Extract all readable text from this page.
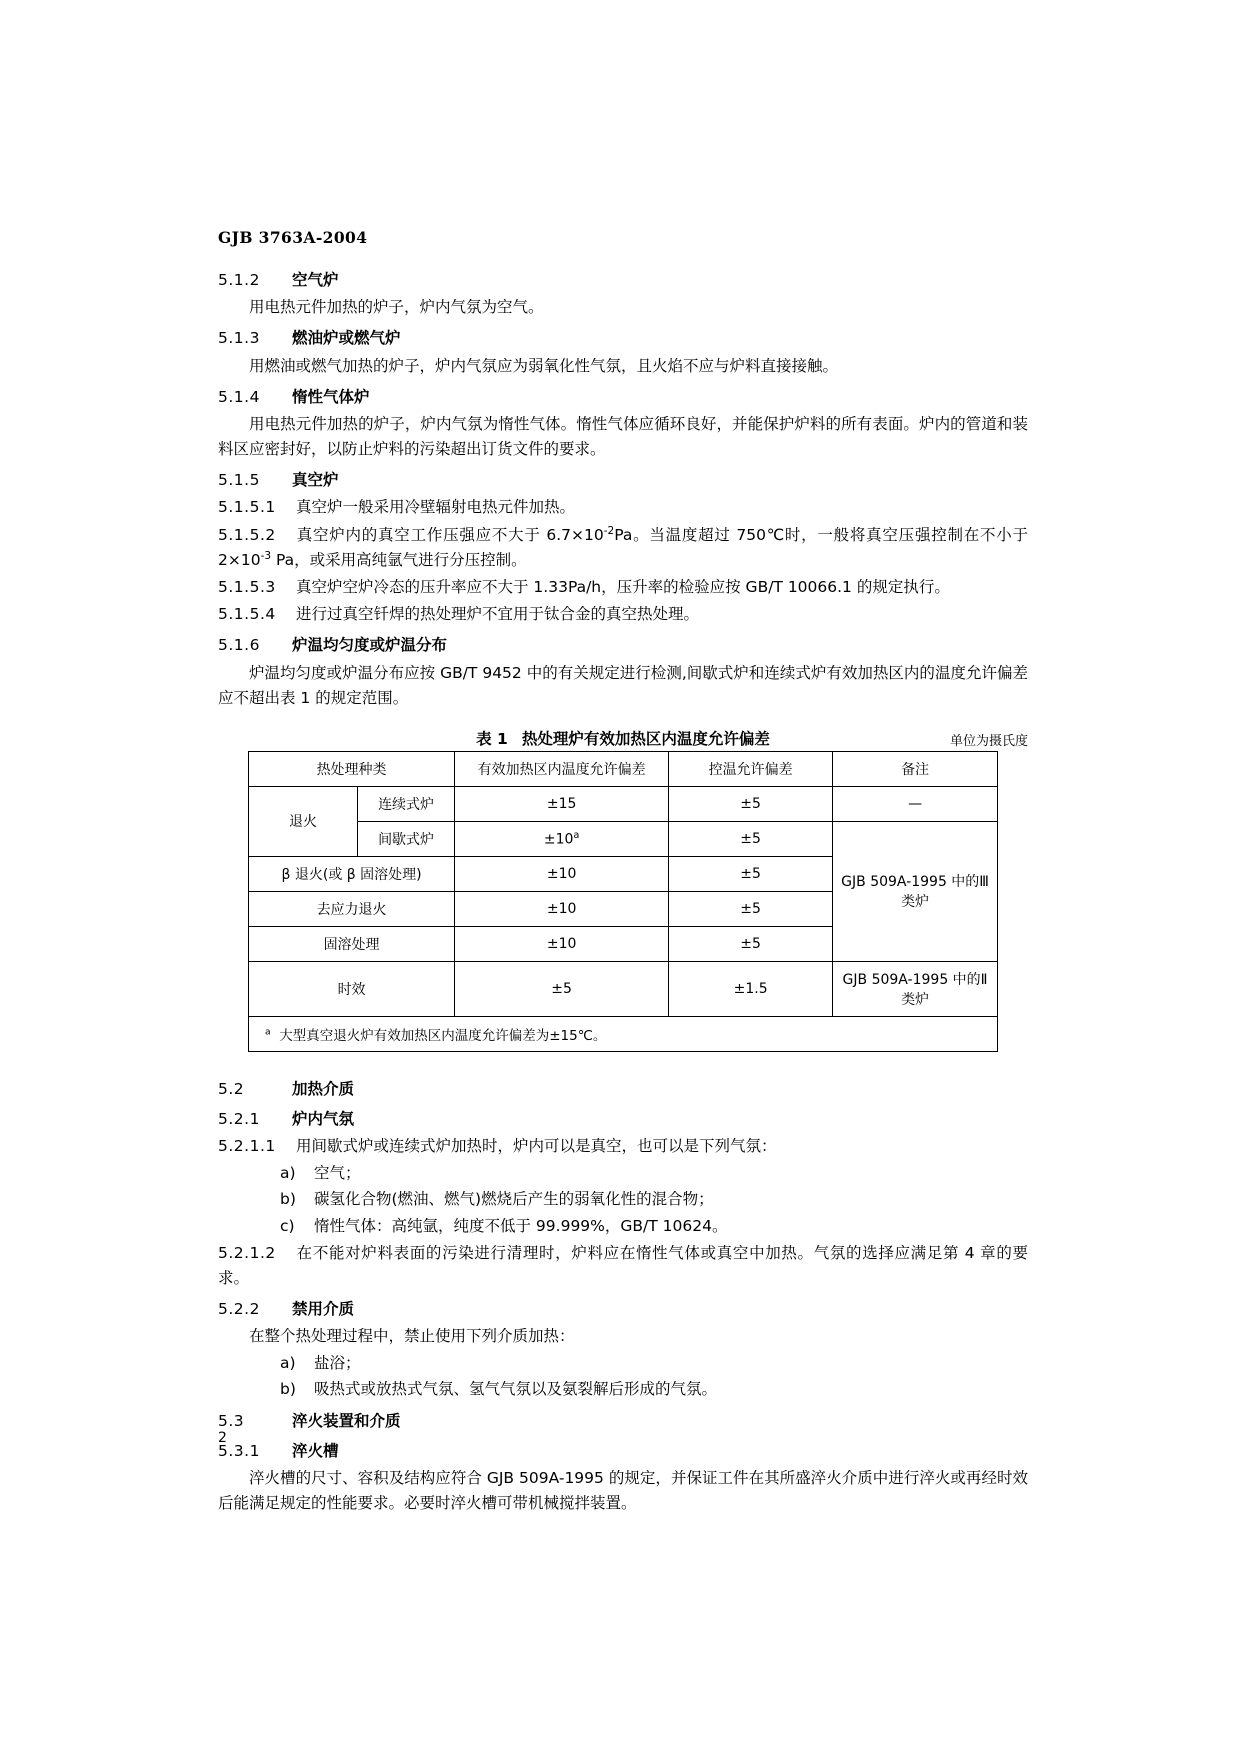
GJB 3763A-2004
5.1.2 空气炉
用电热元件加热的炉子，炉内气氛为空气。
5.1.3 燃油炉或燃气炉
用燃油或燃气加热的炉子，炉内气氛应为弱氧化性气氛，且火焰不应与炉料直接接触。
5.1.4 惰性气体炉
用电热元件加热的炉子，炉内气氛为惰性气体。惰性气体应循环良好，并能保护炉料的所有表面。炉内的管道和装料区应密封好，以防止炉料的污染超出订货文件的要求。
5.1.5 真空炉
5.1.5.1 真空炉一般采用冷壁辐射电热元件加热。
5.1.5.2 真空炉内的真空工作压强应不大于 $6.7\times 10^{-2}Pa$。当温度超过 750℃时，一般将真空压强控制在不小于 $2\times 10^{-3}$ Pa，或采用高纯氩气进行分压控制。
5.1.5.3 真空炉空炉冷态的压升率应不大于 1.33Pa/h，压升率的检验应按 GB/T 10066.1 的规定执行。
5.1.5.4 进行过真空钎焊的热处理炉不宜用于钛合金的真空热处理。
5.1.6 炉温均匀度或炉温分布
炉温均匀度或炉温分布应按 GB/T 9452 中的有关规定进行检测,间歇式炉和连续式炉有效加热区内的温度允许偏差应不超出表 1 的规定范围。
表 1 热处理炉有效加热区内温度允许偏差	单位为摄氏度
热处理种类		有效加热区内温度允许偏差	控温允许偏差	备注
退火	连续式炉	±15	±5	—
	间歇式炉	$\pm 10^a$	±5	GJB 509A-1995 中的Ⅲ类炉
β 退火(或 β 固溶处理)		±10	±5	
去应力退火		±10	±5	
固溶处理		±10	±5	
时效		±5	±1.5	GJB 509A-1995 中的Ⅱ类炉
$^a$ 大型真空退火炉有效加热区内温度允许偏差为±15℃。				
5.2	加热介质
5.2.1 炉内气氛
5.2.1.1 用间歇式炉或连续式炉加热时，炉内可以是真空，也可以是下列气氛：
a) 空气；
b) 碳氢化合物(燃油、燃气)燃烧后产生的弱氧化性的混合物；
c) 惰性气体：高纯氩，纯度不低于 99.999%，GB/T 10624。
5.2.1.2 在不能对炉料表面的污染进行清理时，炉料应在惰性气体或真空中加热。气氛的选择应满足第 4 章的要求。
5.2.2 禁用介质
在整个热处理过程中，禁止使用下列介质加热：
a) 盐浴；
b) 吸热式或放热式气氛、氢气气氛以及氨裂解后形成的气氛。
5.3	淬火装置和介质
5.3.1 淬火槽
淬火槽的尺寸、容积及结构应符合 GJB 509A-1995 的规定，并保证工件在其所盛淬火介质中进行淬火或再经时效后能满足规定的性能要求。必要时淬火槽可带机械搅拌装置。
2
